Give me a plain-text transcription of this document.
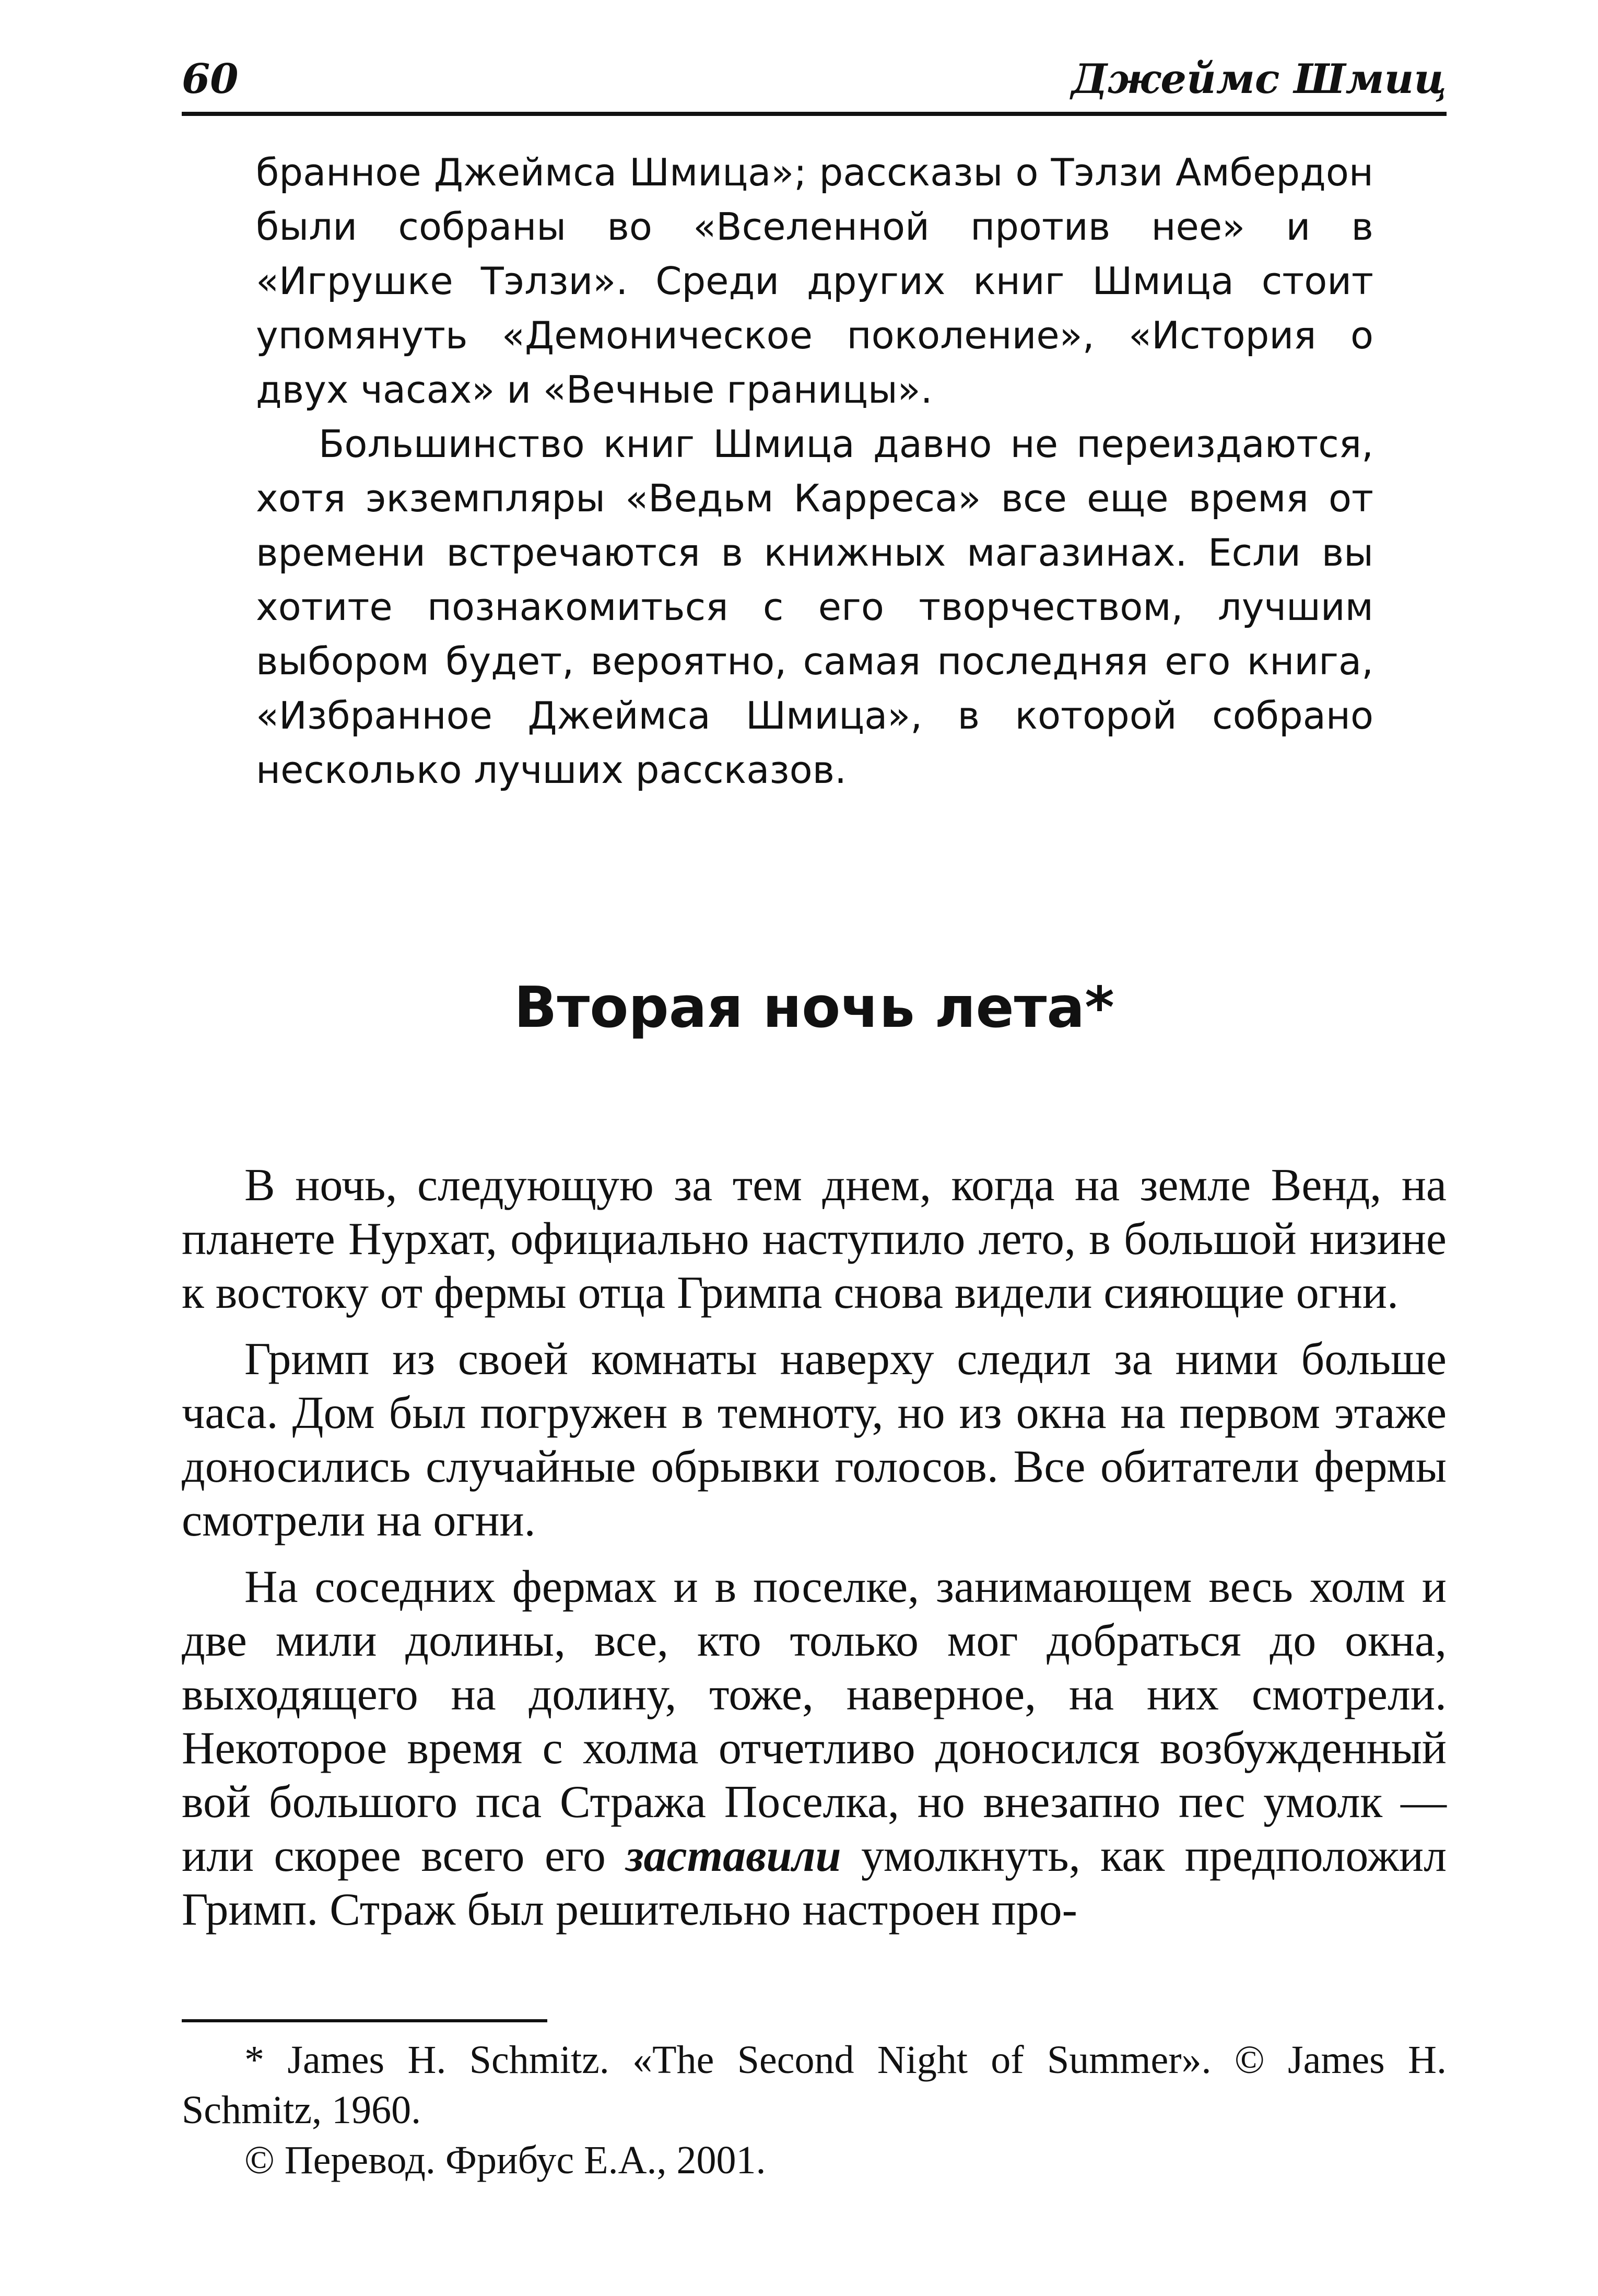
60	Джеймс Шмиц

бранное Джеймса Шмица»; рассказы о Тэлзи Амбердон были собраны во «Вселенной против нее» и в «Игрушке Тэлзи». Среди других книг Шмица стоит упомянуть «Демоническое поколение», «История о двух часах» и «Вечные границы».

Большинство книг Шмица давно не переиздаются, хотя экземпляры «Ведьм Карреса» все еще время от времени встречаются в книжных магазинах. Если вы хотите познакомиться с его творчеством, лучшим выбором будет, вероятно, самая последняя его книга, «Избранное Джеймса Шмица», в которой собрано несколько лучших рассказов.

Вторая ночь лета*

В ночь, следующую за тем днем, когда на земле Венд, на планете Нурхат, официально наступило лето, в большой низине к востоку от фермы отца Гримпа снова видели сияющие огни.

Гримп из своей комнаты наверху следил за ними больше часа. Дом был погружен в темноту, но из окна на первом этаже доносились случайные обрывки голосов. Все обитатели фермы смотрели на огни.

На соседних фермах и в поселке, занимающем весь холм и две мили долины, все, кто только мог добраться до окна, выходящего на долину, тоже, наверное, на них смотрели. Некоторое время с холма отчетливо доносился возбужденный вой большого пса Стража Поселка, но внезапно пес умолк — или скорее всего его заставили умолкнуть, как предположил Гримп. Страж был решительно настроен про-

* James H. Schmitz. «The Second Night of Summer». © James H. Schmitz, 1960.

© Перевод. Фрибус Е.А., 2001.
